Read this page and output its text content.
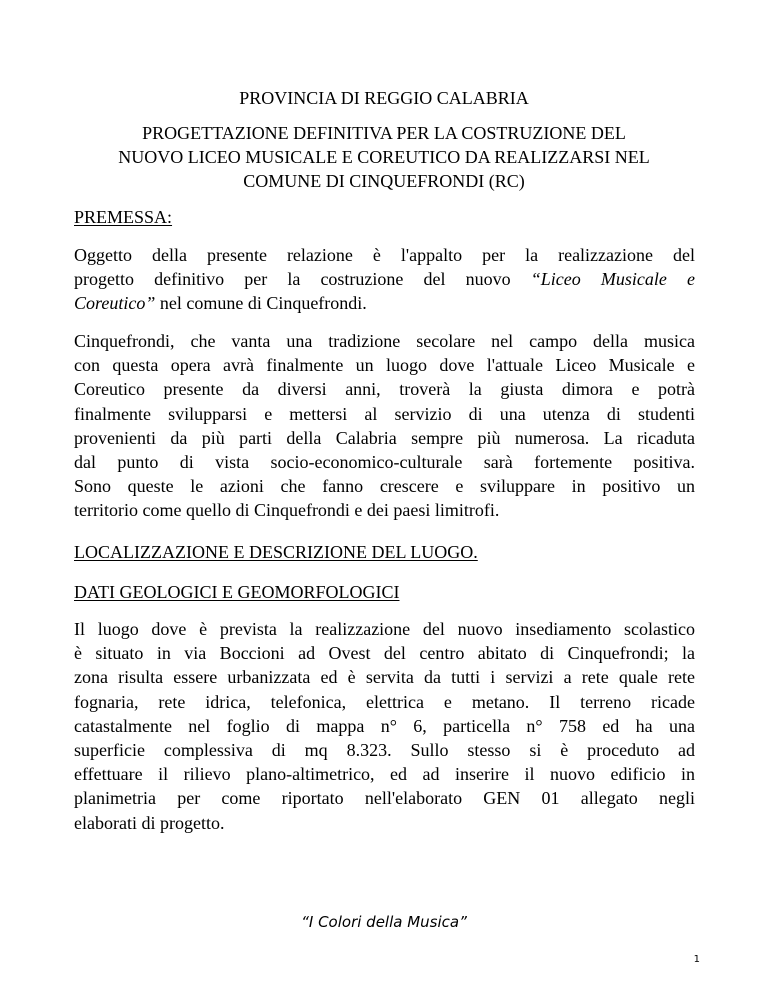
PROVINCIA DI REGGIO CALABRIA
PROGETTAZIONE DEFINITIVA PER LA COSTRUZIONE DEL
NUOVO LICEO MUSICALE E COREUTICO DA REALIZZARSI NEL
COMUNE DI CINQUEFRONDI (RC)
PREMESSA:
Oggetto della presente relazione è l'appalto per la realizzazione del
progetto definitivo per la costruzione del nuovo “Liceo Musicale e
Coreutico” nel comune di Cinquefrondi.
Cinquefrondi, che vanta una tradizione secolare nel campo della musica
con questa opera avrà finalmente un luogo dove l'attuale Liceo Musicale e
Coreutico presente da diversi anni, troverà la giusta dimora e potrà
finalmente svilupparsi e mettersi al servizio di una utenza di studenti
provenienti da più parti della Calabria sempre più numerosa. La ricaduta
dal punto di vista socio-economico-culturale sarà fortemente positiva.
Sono queste le azioni che fanno crescere e sviluppare in positivo un
territorio come quello di Cinquefrondi e dei paesi limitrofi.
LOCALIZZAZIONE E DESCRIZIONE DEL LUOGO.
DATI GEOLOGICI E GEOMORFOLOGICI
Il luogo dove è prevista la realizzazione del nuovo insediamento scolastico
è situato in via Boccioni ad Ovest del centro abitato di Cinquefrondi; la
zona risulta essere urbanizzata ed è servita da tutti i servizi a rete quale rete
fognaria, rete idrica, telefonica, elettrica e metano. Il terreno ricade
catastalmente nel foglio di mappa n° 6, particella n° 758 ed ha una
superficie complessiva di mq 8.323. Sullo stesso si è proceduto ad
effettuare il rilievo plano-altimetrico, ed ad inserire il nuovo edificio in
planimetria per come riportato nell'elaborato GEN 01 allegato negli
elaborati di progetto.
“I Colori della Musica”
1
